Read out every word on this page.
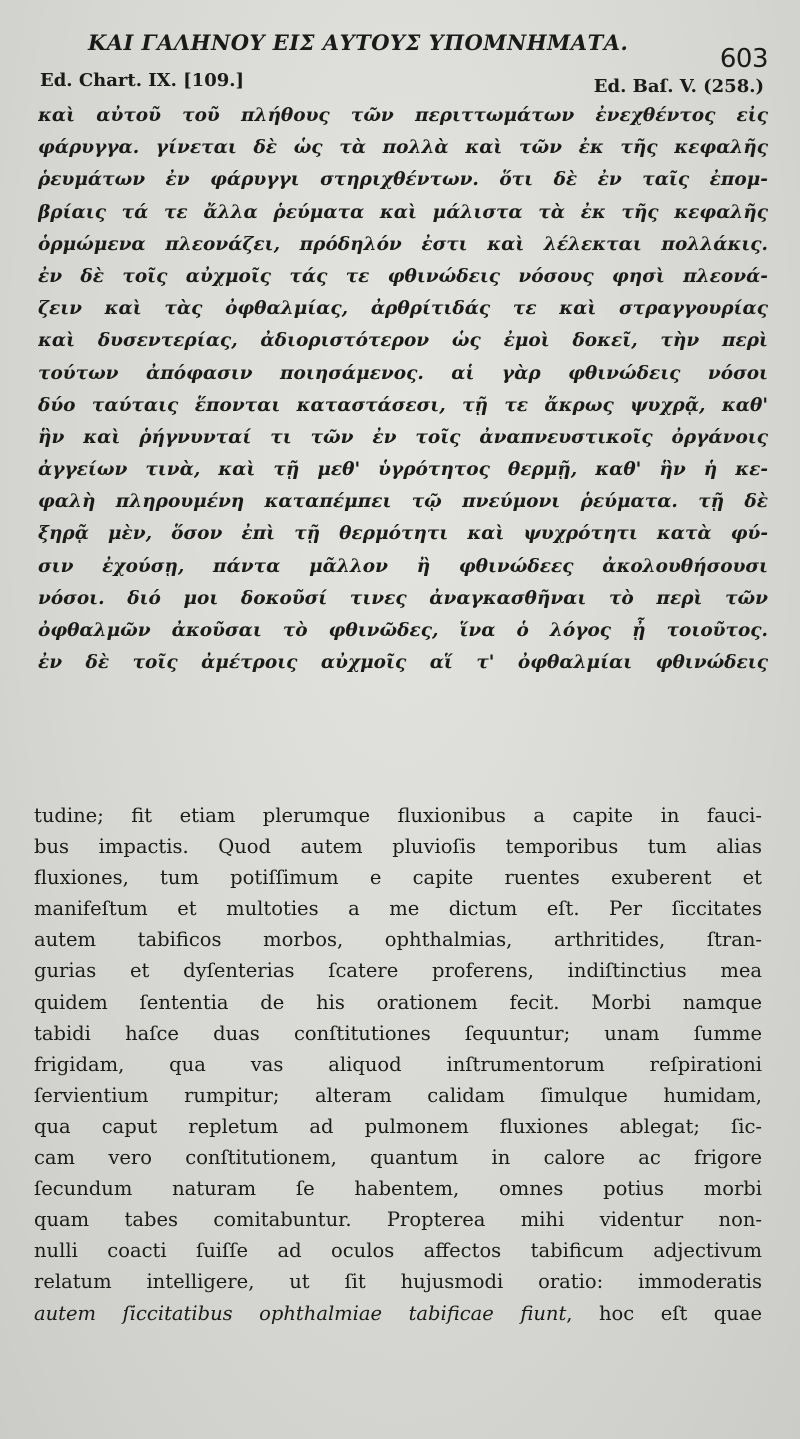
ΚΑΙ ΓΑΛΗΝΟΥ ΕΙΣ ΑΥΤΟΥΣ ΥΠΟΜΝΗΜΑΤΑ.
603
Ed. Chart. IX. [109.]	Ed. Baſ. V. (258.)
καὶ αὐτοῦ τοῦ πλήθους τῶν περιττωμάτων ἐνεχθέντος εἰς
φάρυγγα. γίνεται δὲ ὡς τὰ πολλὰ καὶ τῶν ἐκ τῆς κεφαλῆς
ῥευμάτων ἐν φάρυγγι στηριχθέντων. ὅτι δὲ ἐν ταῖς ἐπομ-
βρίαις τά τε ἄλλα ῥεύματα καὶ μάλιστα τὰ ἐκ τῆς κεφαλῆς
ὁρμώμενα πλεονάζει, πρόδηλόν ἐστι καὶ λέλεκται πολλάκις.
ἐν δὲ τοῖς αὐχμοῖς τάς τε φθινώδεις νόσους φησὶ πλεονά-
ζειν καὶ τὰς ὀφθαλμίας, ἀρθρίτιδάς τε καὶ στραγγουρίας
καὶ δυσεντερίας, ἀδιοριστότερον ὡς ἐμοὶ δοκεῖ, τὴν περὶ
τούτων ἀπόφασιν ποιησάμενος. αἱ γὰρ φθινώδεις νόσοι
δύο ταύταις ἕπονται καταστάσεσι, τῇ τε ἄκρως ψυχρᾷ, καθ'
ἣν καὶ ῥήγνυνταί τι τῶν ἐν τοῖς ἀναπνευστικοῖς ὀργάνοις
ἀγγείων τινὰ, καὶ τῇ μεθ' ὑγρότητος θερμῇ, καθ' ἣν ἡ κε-
φαλὴ πληρουμένη καταπέμπει τῷ πνεύμονι ῥεύματα. τῇ δὲ
ξηρᾷ μὲν, ὅσον ἐπὶ τῇ θερμότητι καὶ ψυχρότητι κατὰ φύ-
σιν ἐχούσῃ, πάντα μᾶλλον ἢ φθινώδεες ἀκολουθήσουσι
νόσοι. διό μοι δοκοῦσί τινες ἀναγκασθῆναι τὸ περὶ τῶν
ὀφθαλμῶν ἀκοῦσαι τὸ φθινῶδες, ἵνα ὁ λόγος ᾖ τοιοῦτος.
ἐν δὲ τοῖς ἀμέτροις αὐχμοῖς αἵ τ' ὀφθαλμίαι φθινώδεις
tudine; fit etiam plerumque fluxionibus a capite in fauci-
bus impactis. Quod autem pluvioſis temporibus tum alias
fluxiones, tum potiſſimum e capite ruentes exuberent et
manifeſtum et multoties a me dictum eſt. Per ſiccitates
autem tabificos morbos, ophthalmias, arthritides, ſtran-
gurias et dyſenterias ſcatere proferens, indiſtinctius mea
quidem ſententia de his orationem fecit. Morbi namque
tabidi haſce duas conſtitutiones ſequuntur; unam ſumme
frigidam, qua vas aliquod inſtrumentorum reſpirationi
ſervientium rumpitur; alteram calidam ſimulque humidam,
qua caput repletum ad pulmonem fluxiones ablegat; ſic-
cam vero conſtitutionem, quantum in calore ac frigore
ſecundum naturam ſe habentem, omnes potius morbi
quam tabes comitabuntur. Propterea mihi videntur non-
nulli coacti ſuiſſe ad oculos affectos tabificum adjectivum
relatum intelligere, ut ſit hujusmodi oratio: immoderatis
autem ſiccitatibus ophthalmiae tabificae fiunt, hoc eſt quae
